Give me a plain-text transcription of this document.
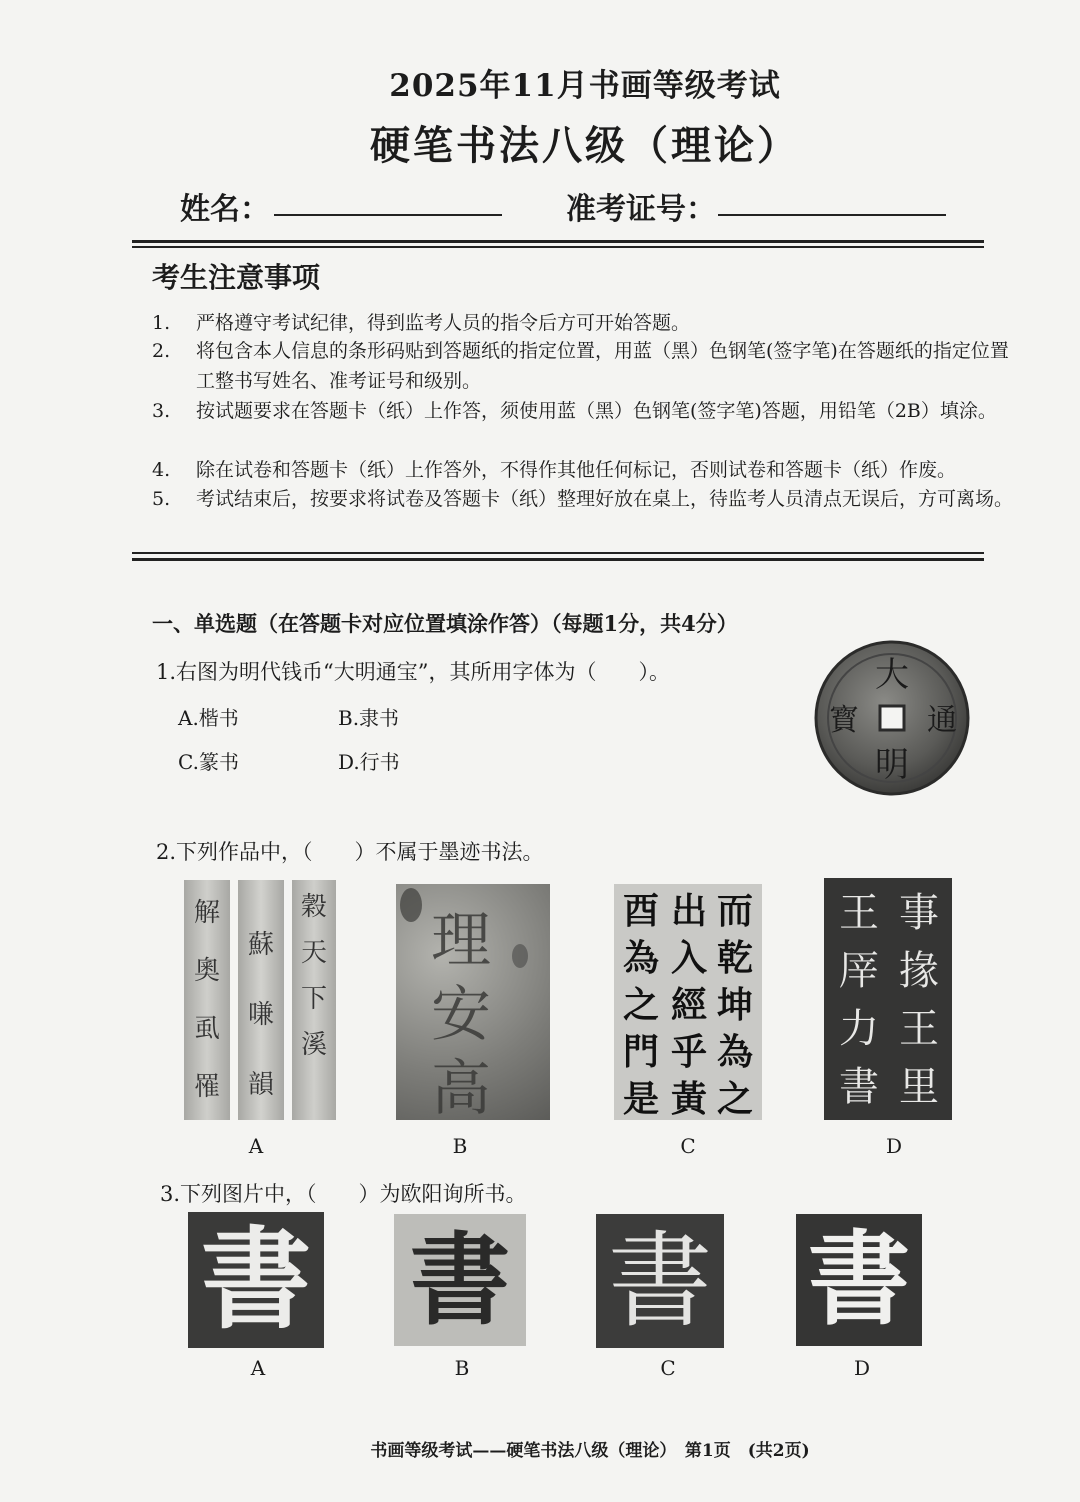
2025年11月书画等级考试
硬笔书法八级（理论）
姓名：	准考证号：
考生注意事项
1.	严格遵守考试纪律，得到监考人员的指令后方可开始答题。
2.	将包含本人信息的条形码贴到答题纸的指定位置，用蓝（黑）色钢笔(签字笔)在答题纸的指定位置工整书写姓名、准考证号和级别。
3.	按试题要求在答题卡（纸）上作答，须使用蓝（黑）色钢笔(签字笔)答题，用铅笔（2B）填涂。
4.	除在试卷和答题卡（纸）上作答外，不得作其他任何标记，否则试卷和答题卡（纸）作废。
5.	考试结束后，按要求将试卷及答题卡（纸）整理好放在桌上，待监考人员清点无误后，方可离场。
一、单选题（在答题卡对应位置填涂作答）（每题1分，共4分）
1.右图为明代钱币“大明通宝”，其所用字体为（　　）。
A.楷书	B.隶书
C.篆书	D.行书
大
明
通
寳
2.下列作品中，（　　）不属于墨迹书法。
解奧虱罹
蘇嗛韻
穀天下溪
A
理安高
B
而乾坤為之
出入經乎黃
酉為之門是
C
事掾王里
王厗力書
D
3.下列图片中，（　　）为欧阳询所书。
書
A
書
B
書
C
書
D
书画等级考试——硬笔书法八级（理论）　第1页　(共2页)
